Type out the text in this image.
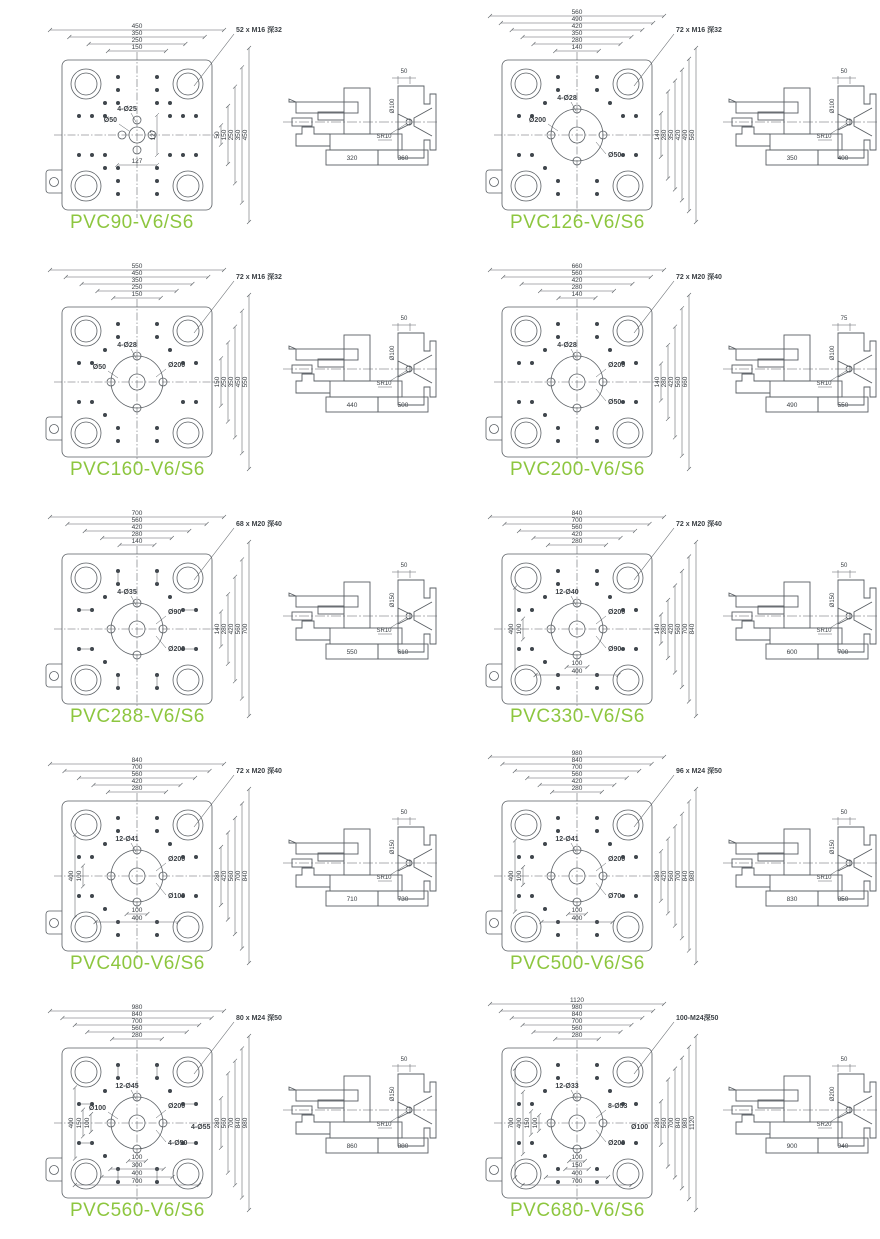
450
350
250
150
50 150 250 350 450
4-Ø25
Ø50
127
127
52 x M16 深32
320	360
50
Ø100
SR10
PVC90-V6/S6
560
490
420
350
280
140
140 280 350 420 490 560
4-Ø28
Ø200
Ø50
72 x M16 深32
350	400
50
Ø100
SR10
PVC126-V6/S6
550
450
350
250
150
150 250 350 450 550
4-Ø28
Ø50	Ø200
72 x M16 深32
440	500
50
Ø100
SR10
PVC160-V6/S6
660
560
420
280
140
140 280 420 560 660
4-Ø28
Ø200
Ø50
72 x M20 深40
490	550
75
Ø100
SR10
PVC200-V6/S6
700
560
420
280
140
140 280 420 560 700
4-Ø35
Ø90
Ø200
68 x M20 深40
550	610
50
Ø150
SR10
PVC288-V6/S6
840
700
560
420
280
140 280 420 560 700 840
400 100
100
400
12-Ø40
Ø200
Ø90
72 x M20 深40
600	700
50
Ø150
SR10
PVC330-V6/S6
840
700
560
420
280
280 420 560 700 840
400 100
100
400
12-Ø41
Ø200
Ø100
72 x M20 深40
710	730
50
Ø150
SR10
PVC400-V6/S6
980
840
700
560
420
280
280 420 560 700 840 980
400 100
100
400
12-Ø41
Ø200
Ø70
96 x M24 深50
830	850
50
Ø150
SR10
PVC500-V6/S6
980
840
700
560
280
280 560 700 840 980
400 150 100
100
300
400
700
12-Ø45
Ø100	Ø200
4-Ø50
4-Ø55
80 x M24 深50
860	880
50
Ø150
SR10
PVC560-V6/S6
1120
980
840
700
560
280
280 560 700 840 980 1120
700 400 150 100
100
150
400
700
12-Ø33
8-Ø53
Ø200
Ø100
100-M24深50
900	940
50
Ø200
SR20
PVC680-V6/S6
